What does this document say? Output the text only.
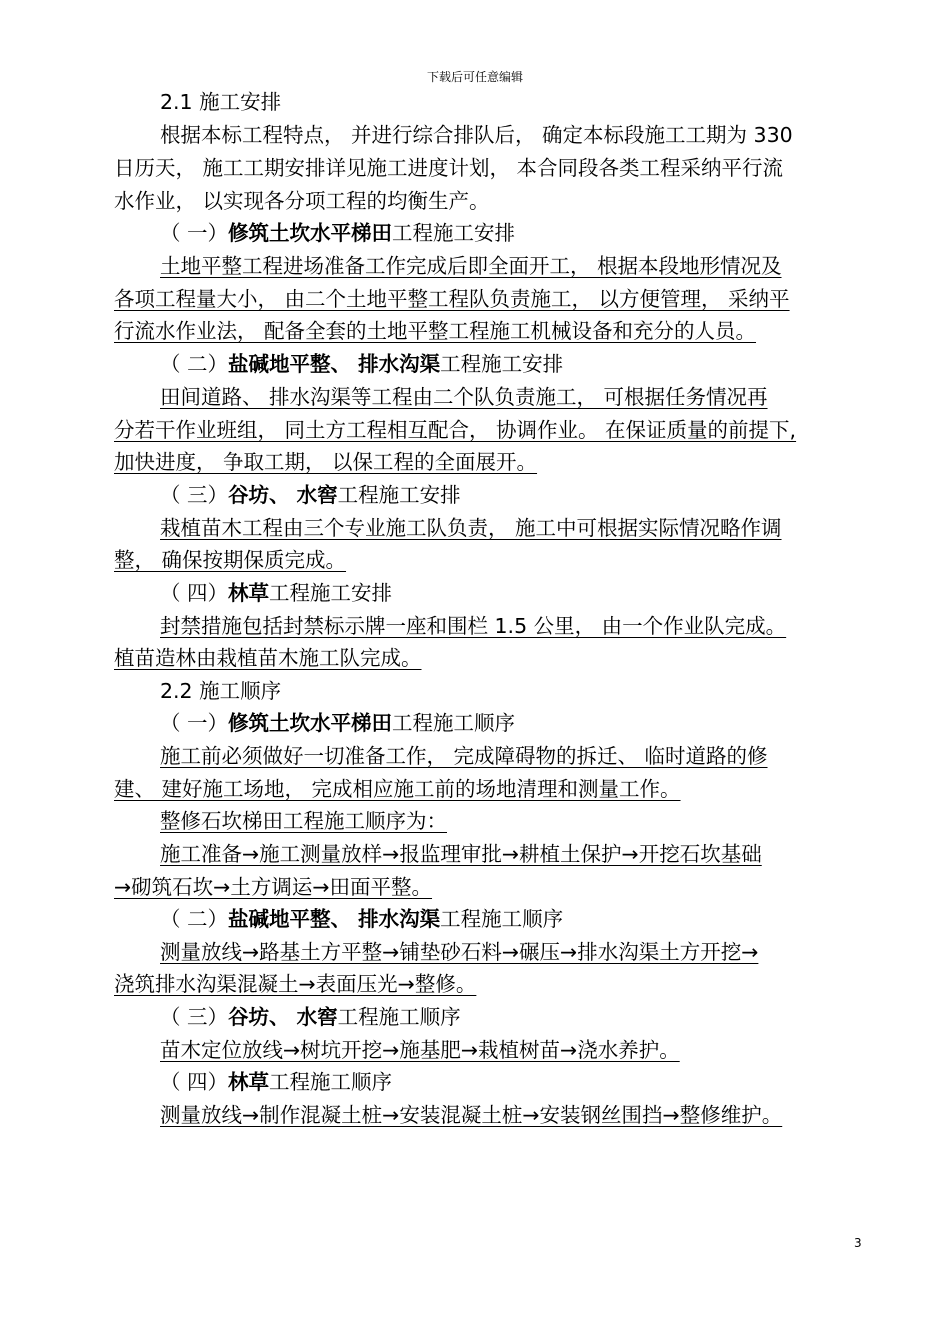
下载后可任意编辑
2.1 施工安排
根据本标工程特点， 并进行综合排队后， 确定本标段施工工期为 330
日历天， 施工工期安排详见施工进度计划， 本合同段各类工程采纳平行流
水作业， 以实现各分项工程的均衡生产。
（ 一）修筑土坎水平梯田工程施工安排
土地平整工程进场准备工作完成后即全面开工， 根据本段地形情况及
各项工程量大小， 由二个土地平整工程队负责施工， 以方便管理， 采纳平
行流水作业法， 配备全套的土地平整工程施工机械设备和充分的人员。
（ 二）盐碱地平整、 排水沟渠工程施工安排
田间道路、 排水沟渠等工程由二个队负责施工， 可根据任务情况再
分若干作业班组， 同土方工程相互配合， 协调作业。 在保证质量的前提下,
加快进度， 争取工期， 以保工程的全面展开。
（ 三）谷坊、 水窖工程施工安排
栽植苗木工程由三个专业施工队负责， 施工中可根据实际情况略作调
整， 确保按期保质完成。
（ 四）林草工程施工安排
封禁措施包括封禁标示牌一座和围栏 1.5 公里， 由一个作业队完成。
植苗造林由栽植苗木施工队完成。
2.2 施工顺序
（ 一）修筑土坎水平梯田工程施工顺序
施工前必须做好一切准备工作， 完成障碍物的拆迁、 临时道路的修
建、 建好施工场地， 完成相应施工前的场地清理和测量工作。
整修石坎梯田工程施工顺序为：
施工准备→施工测量放样→报监理审批→耕植土保护→开挖石坎基础
→砌筑石坎→土方调运→田面平整。
（ 二）盐碱地平整、 排水沟渠工程施工顺序
测量放线→路基土方平整→铺垫砂石料→碾压→排水沟渠土方开挖→
浇筑排水沟渠混凝土→表面压光→整修。
（ 三）谷坊、 水窖工程施工顺序
苗木定位放线→树坑开挖→施基肥→栽植树苗→浇水养护。
（ 四）林草工程施工顺序
测量放线→制作混凝土桩→安装混凝土桩→安装钢丝围挡→整修维护。
3
